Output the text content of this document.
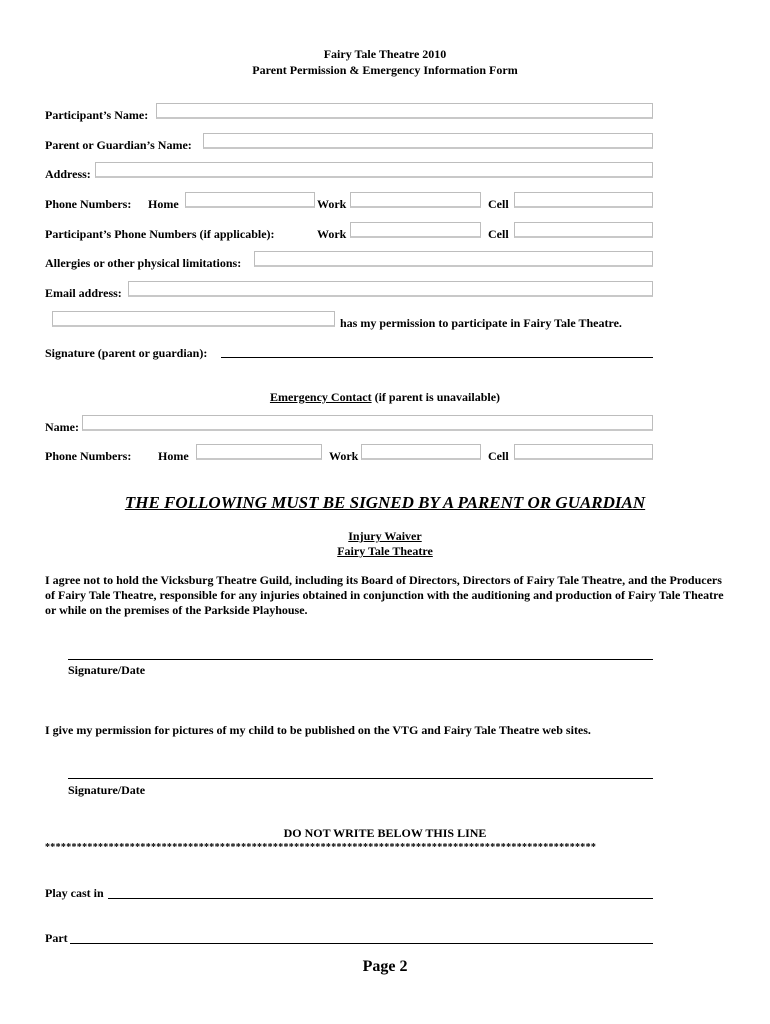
Fairy Tale Theatre 2010
Parent Permission & Emergency Information Form
Participant’s Name:
Parent or Guardian’s Name:
Address:
Phone Numbers: Home	Work	Cell
Participant’s Phone Numbers (if applicable):	Work	Cell
Allergies or other physical limitations:
Email address:
has my permission to participate in Fairy Tale Theatre.
Signature (parent or guardian):
Emergency Contact (if parent is unavailable)
Name:
Phone Numbers: Home	Work	Cell
THE FOLLOWING MUST BE SIGNED BY A PARENT OR GUARDIAN
Injury Waiver
Fairy Tale Theatre
I agree not to hold the Vicksburg Theatre Guild, including its Board of Directors, Directors of Fairy Tale Theatre, and the Producers of Fairy Tale Theatre, responsible for any injuries obtained in conjunction with the auditioning and production of Fairy Tale Theatre or while on the premises of the Parkside Playhouse.
Signature/Date
I give my permission for pictures of my child to be published on the VTG and Fairy Tale Theatre web sites.
Signature/Date
DO NOT WRITE BELOW THIS LINE
********************************************************************************************************
Play cast in
Part
Page 2
